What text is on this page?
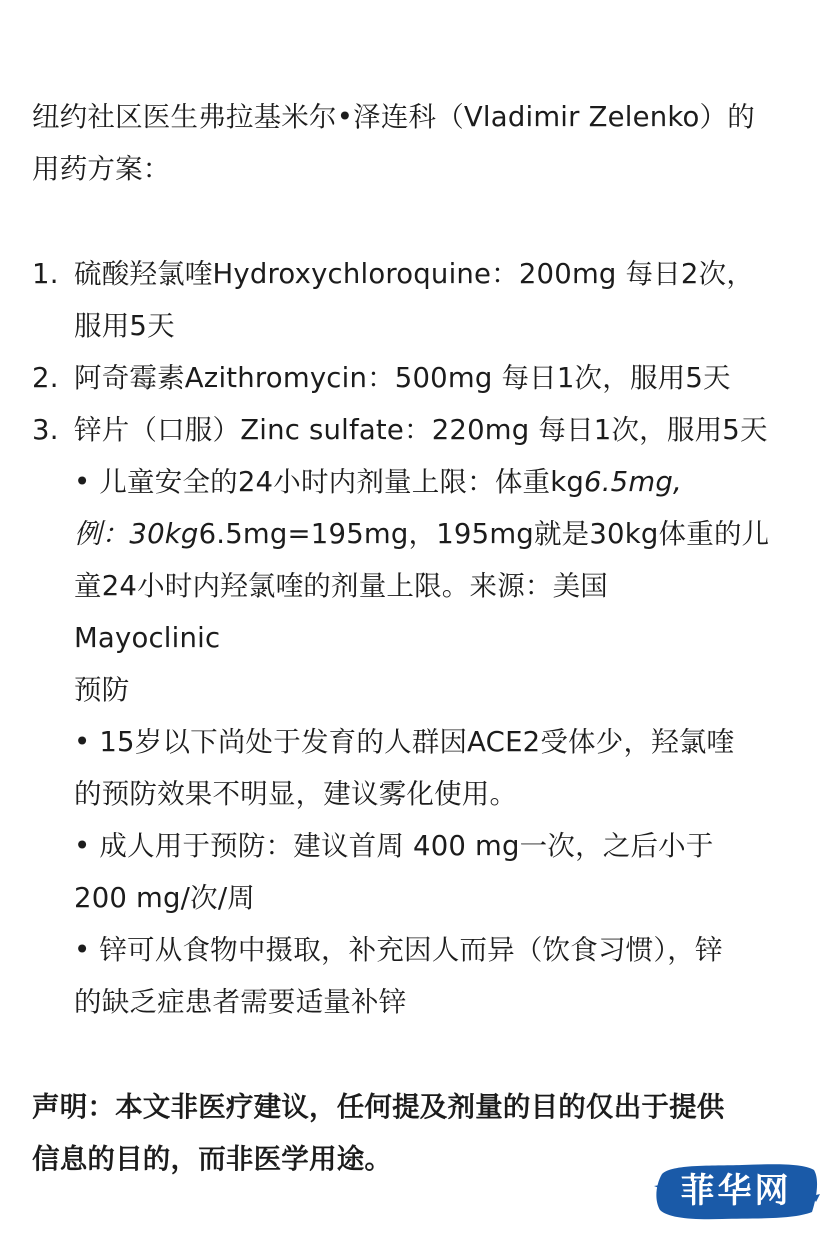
纽约社区医生弗拉基米尔•泽连科（Vladimir Zelenko）的
用药方案：
1. 硫酸羟氯喹Hydroxychloroquine：200mg 每日2次，
服用5天
2. 阿奇霉素Azithromycin：500mg 每日1次，服用5天
3. 锌片（口服）Zinc sulfate：220mg 每日1次，服用5天
• 儿童安全的24小时内剂量上限：体重kg6.5mg,
例：30kg6.5mg=195mg，195mg就是30kg体重的儿
童24小时内羟氯喹的剂量上限。来源：美国
Mayoclinic
预防
• 15岁以下尚处于发育的人群因ACE2受体少，羟氯喹
的预防效果不明显，建议雾化使用。
• 成人用于预防：建议首周 400 mg一次，之后小于
200 mg/次/周
• 锌可从食物中摄取，补充因人而异（饮食习惯），锌
的缺乏症患者需要适量补锌
声明：本文非医疗建议，任何提及剂量的目的仅出于提供
信息的目的，而非医学用途。
菲华网
